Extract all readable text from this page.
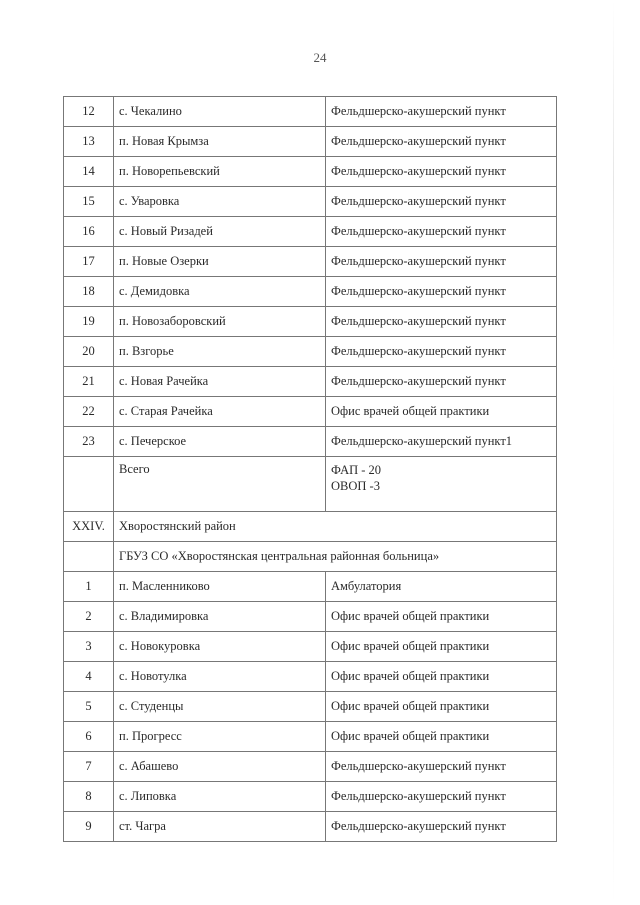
24
12	с. Чекалино	Фельдшерско-акушерский пункт
13	п. Новая Крымза	Фельдшерско-акушерский пункт
14	п. Новорепьевский	Фельдшерско-акушерский пункт
15	с. Уваровка	Фельдшерско-акушерский пункт
16	с. Новый Ризадей	Фельдшерско-акушерский пункт
17	п. Новые Озерки	Фельдшерско-акушерский пункт
18	с. Демидовка	Фельдшерско-акушерский пункт
19	п. Новозаборовский	Фельдшерско-акушерский пункт
20	п. Взгорье	Фельдшерско-акушерский пункт
21	с. Новая Рачейка	Фельдшерско-акушерский пункт
22	с. Старая Рачейка	Офис врачей общей практики
23	с. Печерское	Фельдшерско-акушерский пункт1
	Всего	ФАП - 20
ОВОП -3
XXIV.	Хворостянский район	
	ГБУЗ СО «Хворостянская центральная районная больница»	
1	п. Масленниково	Амбулатория
2	с. Владимировка	Офис врачей общей практики
3	с. Новокуровка	Офис врачей общей практики
4	с. Новотулка	Офис врачей общей практики
5	с. Студенцы	Офис врачей общей практики
6	п. Прогресс	Офис врачей общей практики
7	с. Абашево	Фельдшерско-акушерский пункт
8	с. Липовка	Фельдшерско-акушерский пункт
9	ст. Чагра	Фельдшерско-акушерский пункт
